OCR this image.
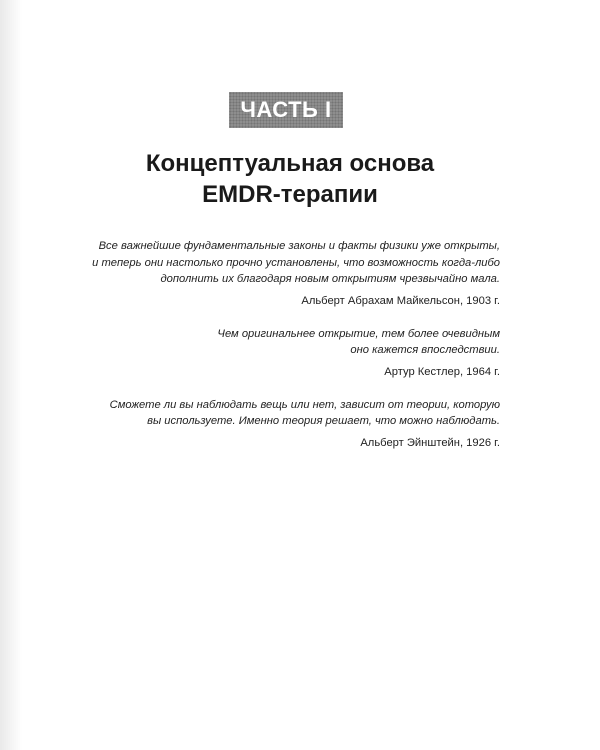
ЧАСТЬ I
Концептуальная основа
EMDR-терапии
Все важнейшие фундаментальные законы и факты физики уже открыты,
и теперь они настолько прочно установлены, что возможность когда-либо
дополнить их благодаря новым открытиям чрезвычайно мала.
Альберт Абрахам Майкельсон, 1903 г.
Чем оригинальнее открытие, тем более очевидным
оно кажется впоследствии.
Артур Кестлер, 1964 г.
Сможете ли вы наблюдать вещь или нет, зависит от теории, которую
вы используете. Именно теория решает, что можно наблюдать.
Альберт Эйнштейн, 1926 г.
